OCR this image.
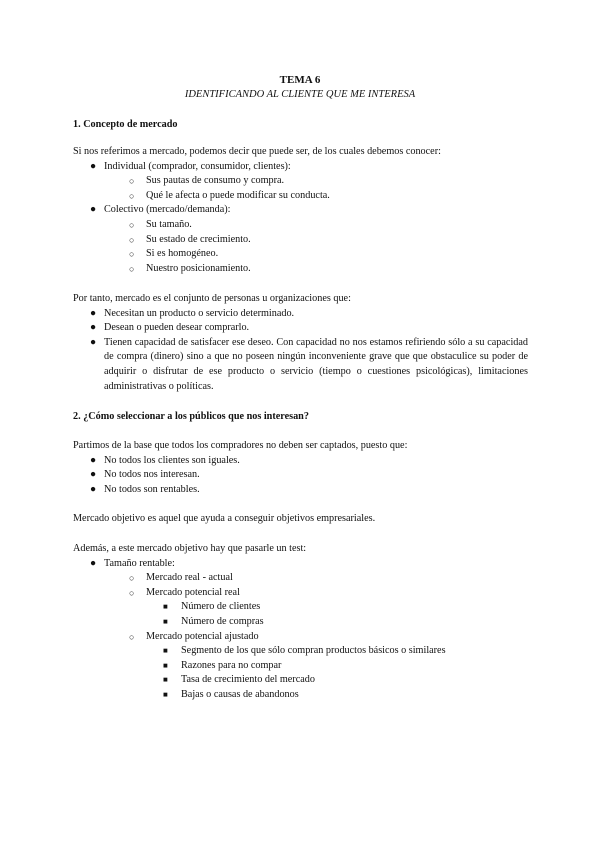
TEMA 6
IDENTIFICANDO AL CLIENTE QUE ME INTERESA
1. Concepto de mercado
Si nos referimos a mercado, podemos decir que puede ser, de los cuales debemos conocer:
● Individual (comprador, consumidor, clientes):
○ Sus pautas de consumo y compra.
○ Qué le afecta o puede modificar su conducta.
● Colectivo (mercado/demanda):
○ Su tamaño.
○ Su estado de crecimiento.
○ Si es homogéneo.
○ Nuestro posicionamiento.
Por tanto, mercado es el conjunto de personas u organizaciones que:
● Necesitan un producto o servicio determinado.
● Desean o pueden desear comprarlo.
● Tienen capacidad de satisfacer ese deseo. Con capacidad no nos estamos refiriendo sólo a su capacidad de compra (dinero) sino a que no poseen ningún inconveniente grave que que obstaculice su poder de adquirir o disfrutar de ese producto o servicio (tiempo o cuestiones psicológicas), limitaciones administrativas o políticas.
2. ¿Cómo seleccionar a los públicos que nos interesan?
Partimos de la base que todos los compradores no deben ser captados, puesto que:
● No todos los clientes son iguales.
● No todos nos interesan.
● No todos son rentables.
Mercado objetivo es aquel que ayuda a conseguir objetivos empresariales.
Además, a este mercado objetivo hay que pasarle un test:
● Tamaño rentable:
○ Mercado real - actual
○ Mercado potencial real
■ Número de clientes
■ Número de compras
○ Mercado potencial ajustado
■ Segmento de los que sólo compran productos básicos o similares
■ Razones para no compar
■ Tasa de crecimiento del mercado
■ Bajas o causas de abandonos
